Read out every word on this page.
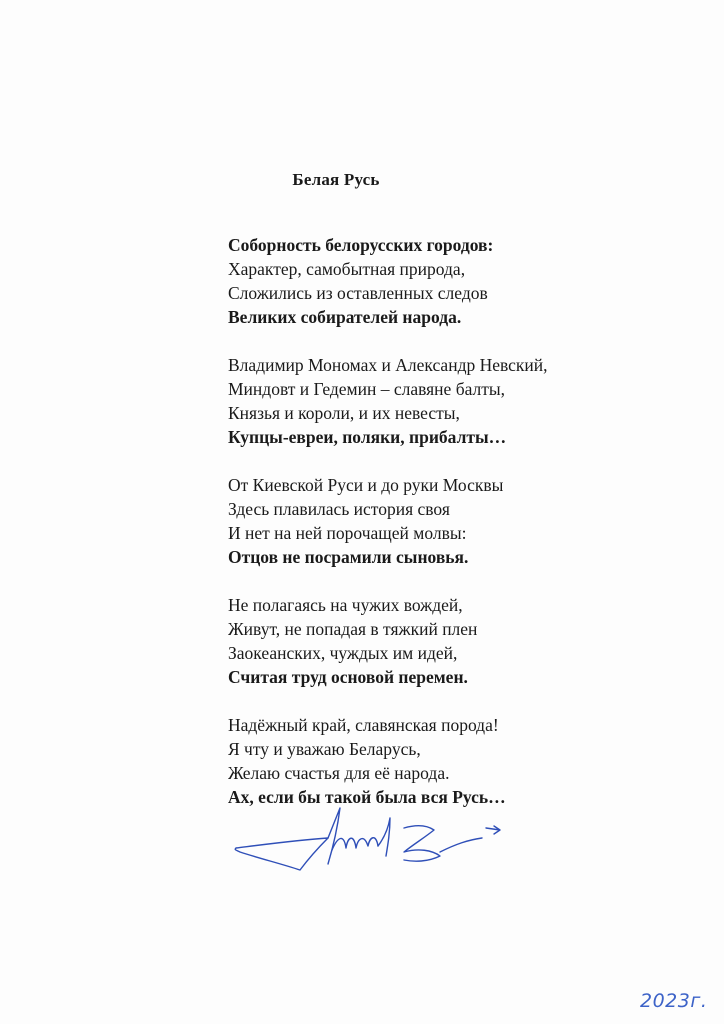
Белая Русь
Соборность белорусских городов:
Характер, самобытная природа,
Сложились из оставленных следов
Великих собирателей народа.
Владимир Мономах и Александр Невский,
Миндовт и Гедемин – славяне балты,
Князья и короли, и их невесты,
Купцы-евреи, поляки, прибалты…
От Киевской Руси и до руки Москвы
Здесь плавилась история своя
И нет на ней порочащей молвы:
Отцов не посрамили сыновья.
Не полагаясь на чужих вождей,
Живут, не попадая в тяжкий плен
Заокеанских, чуждых им идей,
Считая труд основой перемен.
Надёжный край, славянская порода!
Я чту и уважаю Беларусь,
Желаю счастья для её народа.
Ах, если бы такой была вся Русь…
2023г.
